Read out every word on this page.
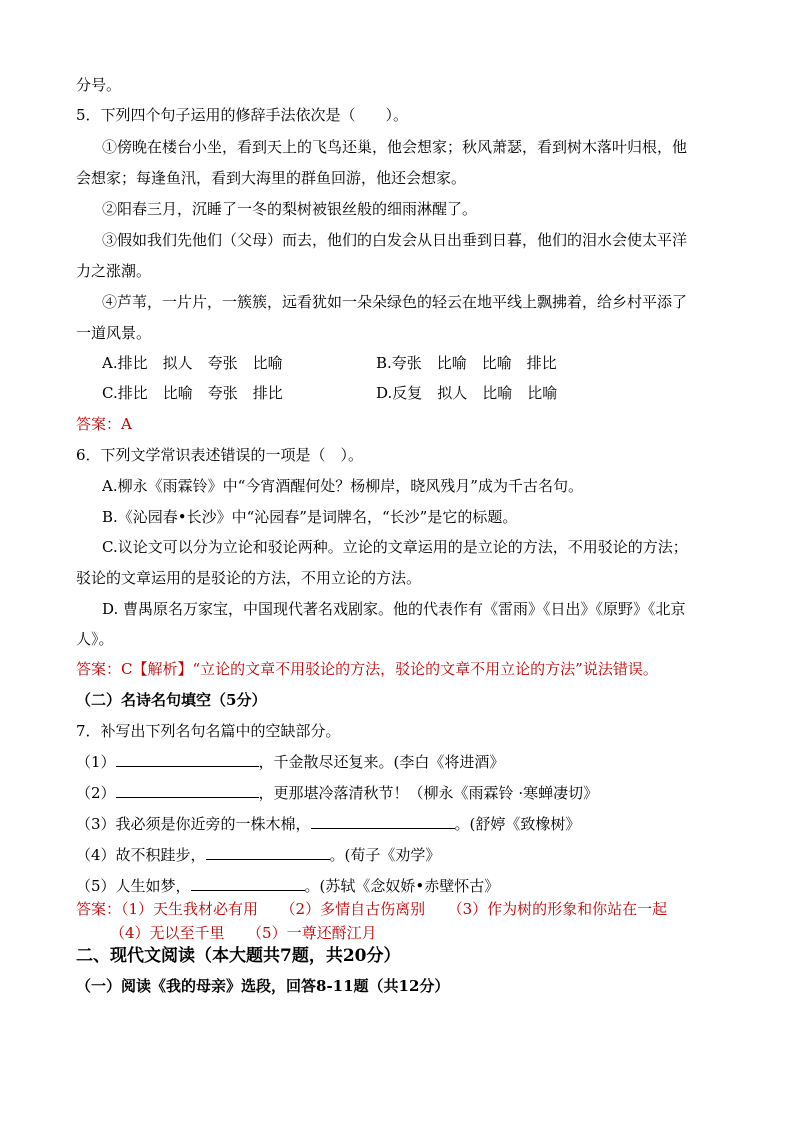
分号。
5．下列四个句子运用的修辞手法依次是（　　）。
①傍晚在楼台小坐，看到天上的飞鸟还巢，他会想家；秋风萧瑟，看到树木落叶归根，他
会想家；每逢鱼汛，看到大海里的群鱼回游，他还会想家。
②阳春三月，沉睡了一冬的梨树被银丝般的细雨淋醒了。
③假如我们先他们（父母）而去，他们的白发会从日出垂到日暮，他们的泪水会使太平洋
力之涨潮。
④芦苇，一片片，一簇簇，远看犹如一朵朵绿色的轻云在地平线上飘拂着，给乡村平添了
一道风景。
A.排比　拟人　夸张　比喻	B.夸张　比喻　比喻　排比
C.排比　比喻　夸张　排比	D.反复　拟人　比喻　比喻
答案：A
6．下列文学常识表述错误的一项是（　）。
A.柳永《雨霖铃》中“今宵酒醒何处？杨柳岸，晓风残月”成为千古名句。
B.《沁园春•长沙》中“沁园春”是词牌名，“长沙”是它的标题。
C.议论文可以分为立论和驳论两种。立论的文章运用的是立论的方法，不用驳论的方法；
驳论的文章运用的是驳论的方法，不用立论的方法。
D. 曹禺原名万家宝，中国现代著名戏剧家。他的代表作有《雷雨》《日出》《原野》《北京
人》。
答案：C【解析】“立论的文章不用驳论的方法，驳论的文章不用立论的方法”说法错误。
（二）名诗名句填空（5分）
7．补写出下列名句名篇中的空缺部分。
（1）	，千金散尽还复来。(李白《将进酒》
（2）	，更那堪冷落清秋节！（柳永《雨霖铃 ·寒蝉凄切》
（3）我必须是你近旁的一株木棉，	。(舒婷《致橡树》
（4）故不积跬步，	。(荀子《劝学》
（5）人生如梦，	。(苏轼《念奴娇•赤壁怀古》
答案：（1）天生我材必有用　　（2）多情自古伤离别　　（3）作为树的形象和你站在一起
（4）无以至千里　　（5）一尊还酹江月
二、现代文阅读（本大题共7题，共20分）
（一）阅读《我的母亲》选段，回答8-11题（共12分）
